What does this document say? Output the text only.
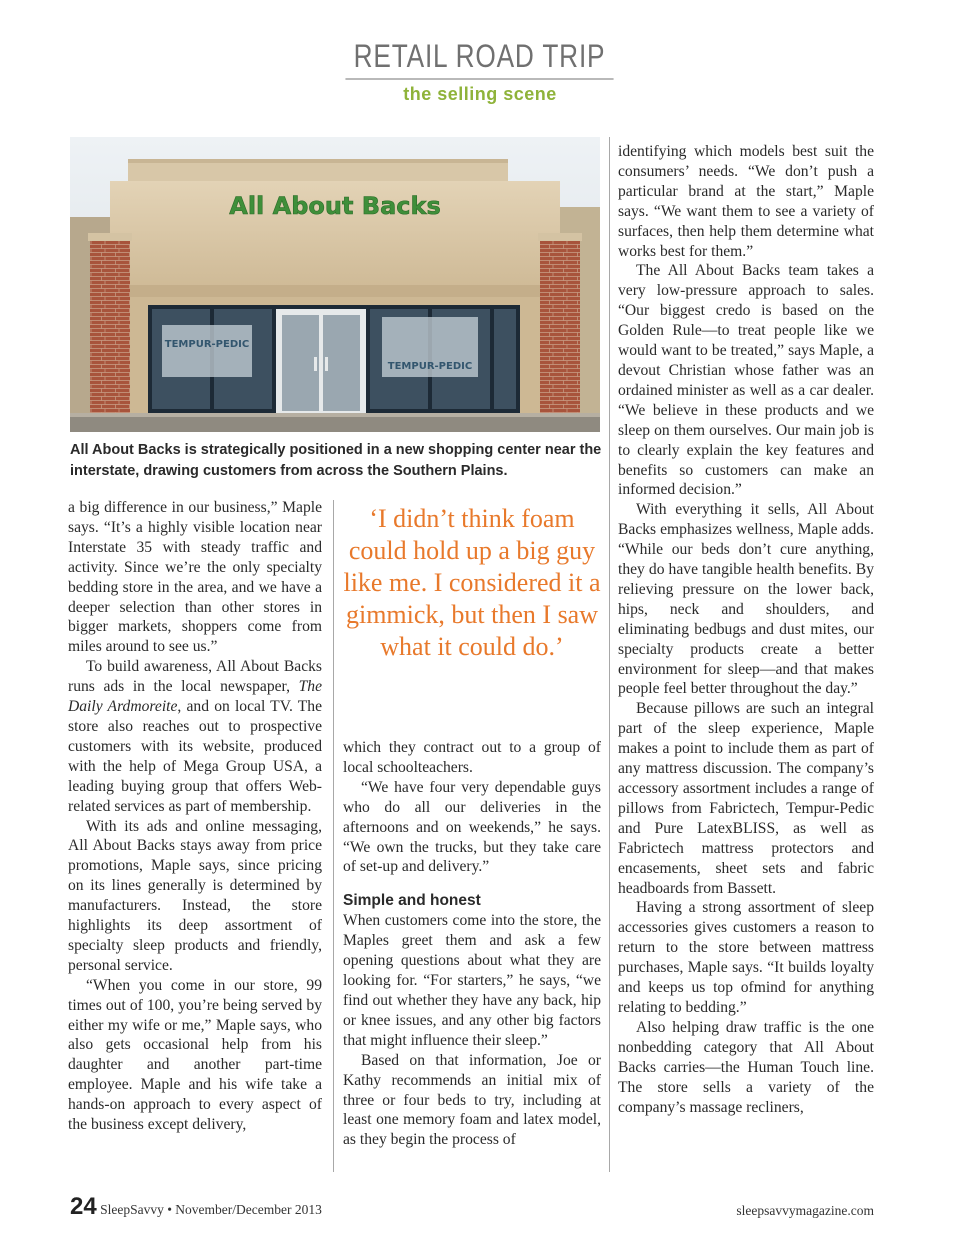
RETAIL ROAD TRIP
the selling scene
All About Backs
TEMPUR-PEDIC
TEMPUR-PEDIC
All About Backs is strategically positioned in a new shopping center near the interstate, drawing customers from across the Southern Plains.

a big difference in our business,” Maple says. “It’s a highly visible location near Interstate 35 with steady traffic and activity. Since we’re the only specialty bedding store in the area, and we have a deeper selection than other stores in bigger markets, shoppers come from miles around to see us.”

To build awareness, All About Backs runs ads in the local newspaper, The Daily Ardmoreite, and on local TV. The store also reaches out to prospective customers with its website, produced with the help of Mega Group USA, a leading buying group that offers Web-related services as part of membership.

With its ads and online messaging, All About Backs stays away from price promotions, Maple says, since pricing on its lines generally is determined by manufacturers. Instead, the store highlights its deep assortment of specialty sleep products and friendly, personal service.

“When you come in our store, 99 times out of 100, you’re being served by either my wife or me,” Maple says, who also gets occasional help from his daughter and another part-time employee. Maple and his wife take a hands-on approach to every aspect of the business except delivery,

‘I didn’t think foam could hold up a big guy like me. I considered it a gimmick, but then I saw what it could do.’

which they contract out to a group of local schoolteachers.

“We have four very dependable guys who do all our deliveries in the afternoons and on weekends,” he says. “We own the trucks, but they take care of set-up and delivery.”

Simple and honest

When customers come into the store, the Maples greet them and ask a few opening questions about what they are looking for. “For starters,” he says, “we find out whether they have any back, hip or knee issues, and any other big factors that might influence their sleep.”

Based on that information, Joe or Kathy recommends an initial mix of three or four beds to try, including at least one memory foam and latex model, as they begin the process of

identifying which models best suit the consumers’ needs. “We don’t push a particular brand at the start,” Maple says. “We want them to see a variety of surfaces, then help them determine what works best for them.”

The All About Backs team takes a very low-pressure approach to sales. “Our biggest credo is based on the Golden Rule—to treat people like we would want to be treated,” says Maple, a devout Christian whose father was an ordained minister as well as a car dealer. “We believe in these products and we sleep on them ourselves. Our main job is to clearly explain the key features and benefits so customers can make an informed decision.”

With everything it sells, All About Backs emphasizes wellness, Maple adds. “While our beds don’t cure anything, they do have tangible health benefits. By relieving pressure on the lower back, hips, neck and shoulders, and eliminating bedbugs and dust mites, our specialty products create a better environment for sleep—and that makes people feel better throughout the day.”

Because pillows are such an integral part of the sleep experience, Maple makes a point to include them as part of any mattress discussion. The company’s accessory assortment includes a range of pillows from Fabrictech, Tempur-Pedic and Pure LatexBLISS, as well as Fabrictech mattress protectors and encasements, sheet sets and fabric headboards from Bassett.

Having a strong assortment of sleep accessories gives customers a reason to return to the store between mattress purchases, Maple says. “It builds loyalty and keeps us top ofmind for anything relating to bedding.”

Also helping draw traffic is the one nonbedding category that All About Backs carries—the Human Touch line. The store sells a variety of the company’s massage recliners,

24 SleepSavvy • November/December 2013	sleepsavvymagazine.com
